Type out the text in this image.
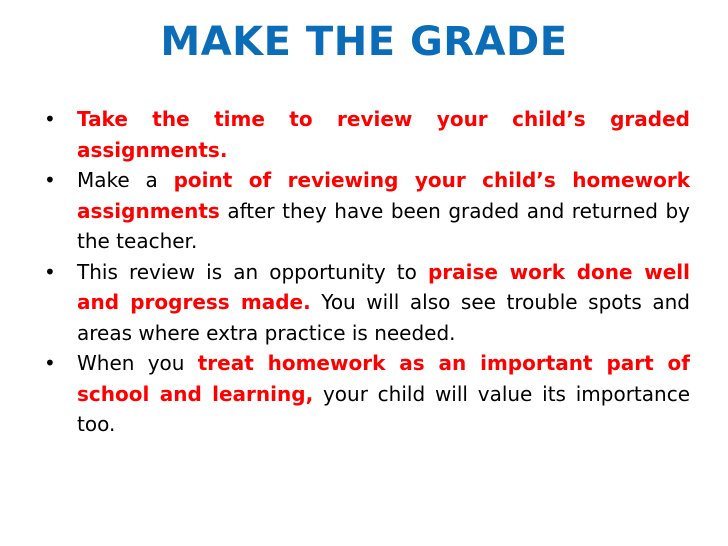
MAKE THE GRADE
• Take the time to review your child’s graded assignments.
• Make a point of reviewing your child’s homework assignments after they have been graded and returned by the teacher.
• This review is an opportunity to praise work done well and progress made. You will also see trouble spots and areas where extra practice is needed.
• When you treat homework as an important part of school and learning, your child will value its importance too.
